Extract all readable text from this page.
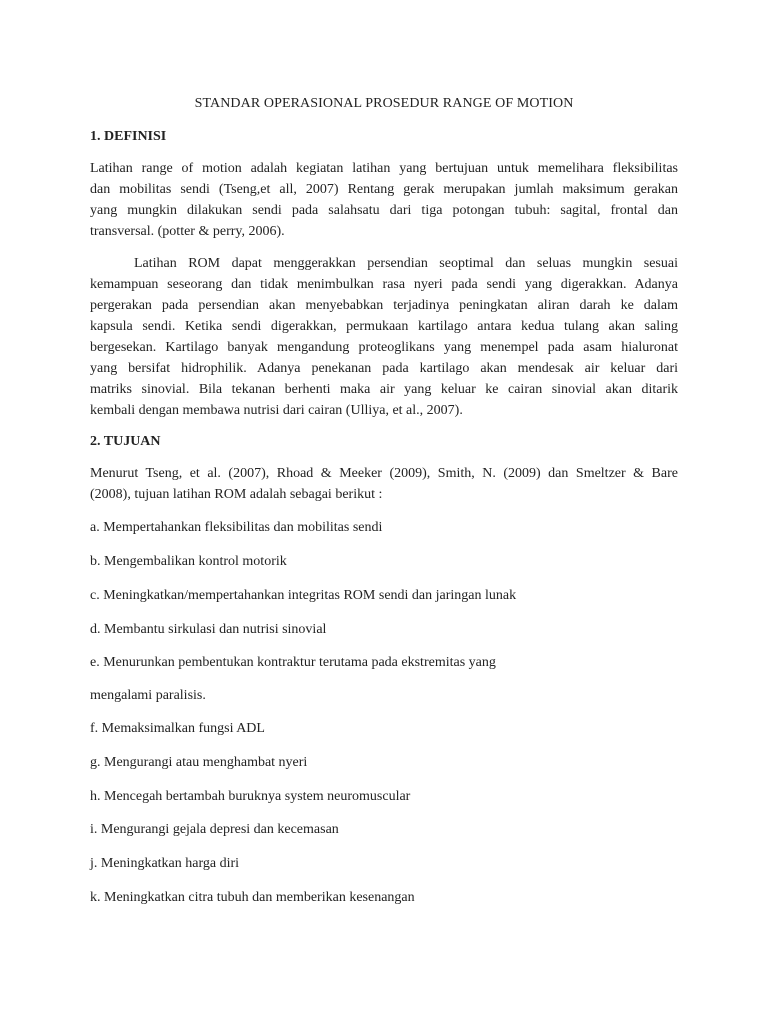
STANDAR OPERASIONAL PROSEDUR RANGE OF MOTION
1. DEFINISI
Latihan range of motion adalah kegiatan latihan yang bertujuan untuk memelihara fleksibilitas
dan mobilitas sendi (Tseng,et all, 2007) Rentang gerak merupakan jumlah maksimum gerakan
yang mungkin dilakukan sendi pada salahsatu dari tiga potongan tubuh: sagital, frontal dan
transversal. (potter & perry, 2006).
Latihan ROM dapat menggerakkan persendian seoptimal dan seluas mungkin sesuai
kemampuan seseorang dan tidak menimbulkan rasa nyeri pada sendi yang digerakkan. Adanya
pergerakan pada persendian akan menyebabkan terjadinya peningkatan aliran darah ke dalam
kapsula sendi. Ketika sendi digerakkan, permukaan kartilago antara kedua tulang akan saling
bergesekan. Kartilago banyak mengandung proteoglikans yang menempel pada asam hialuronat
yang bersifat hidrophilik. Adanya penekanan pada kartilago akan mendesak air keluar dari
matriks sinovial. Bila tekanan berhenti maka air yang keluar ke cairan sinovial akan ditarik
kembali dengan membawa nutrisi dari cairan (Ulliya, et al., 2007).
2. TUJUAN
Menurut Tseng, et al. (2007), Rhoad & Meeker (2009), Smith, N. (2009) dan Smeltzer & Bare
(2008), tujuan latihan ROM adalah sebagai berikut :
a. Mempertahankan fleksibilitas dan mobilitas sendi
b. Mengembalikan kontrol motorik
c. Meningkatkan/mempertahankan integritas ROM sendi dan jaringan lunak
d. Membantu sirkulasi dan nutrisi sinovial
e. Menurunkan pembentukan kontraktur terutama pada ekstremitas yang
mengalami paralisis.
f. Memaksimalkan fungsi ADL
g. Mengurangi atau menghambat nyeri
h. Mencegah bertambah buruknya system neuromuscular
i. Mengurangi gejala depresi dan kecemasan
j. Meningkatkan harga diri
k. Meningkatkan citra tubuh dan memberikan kesenangan
